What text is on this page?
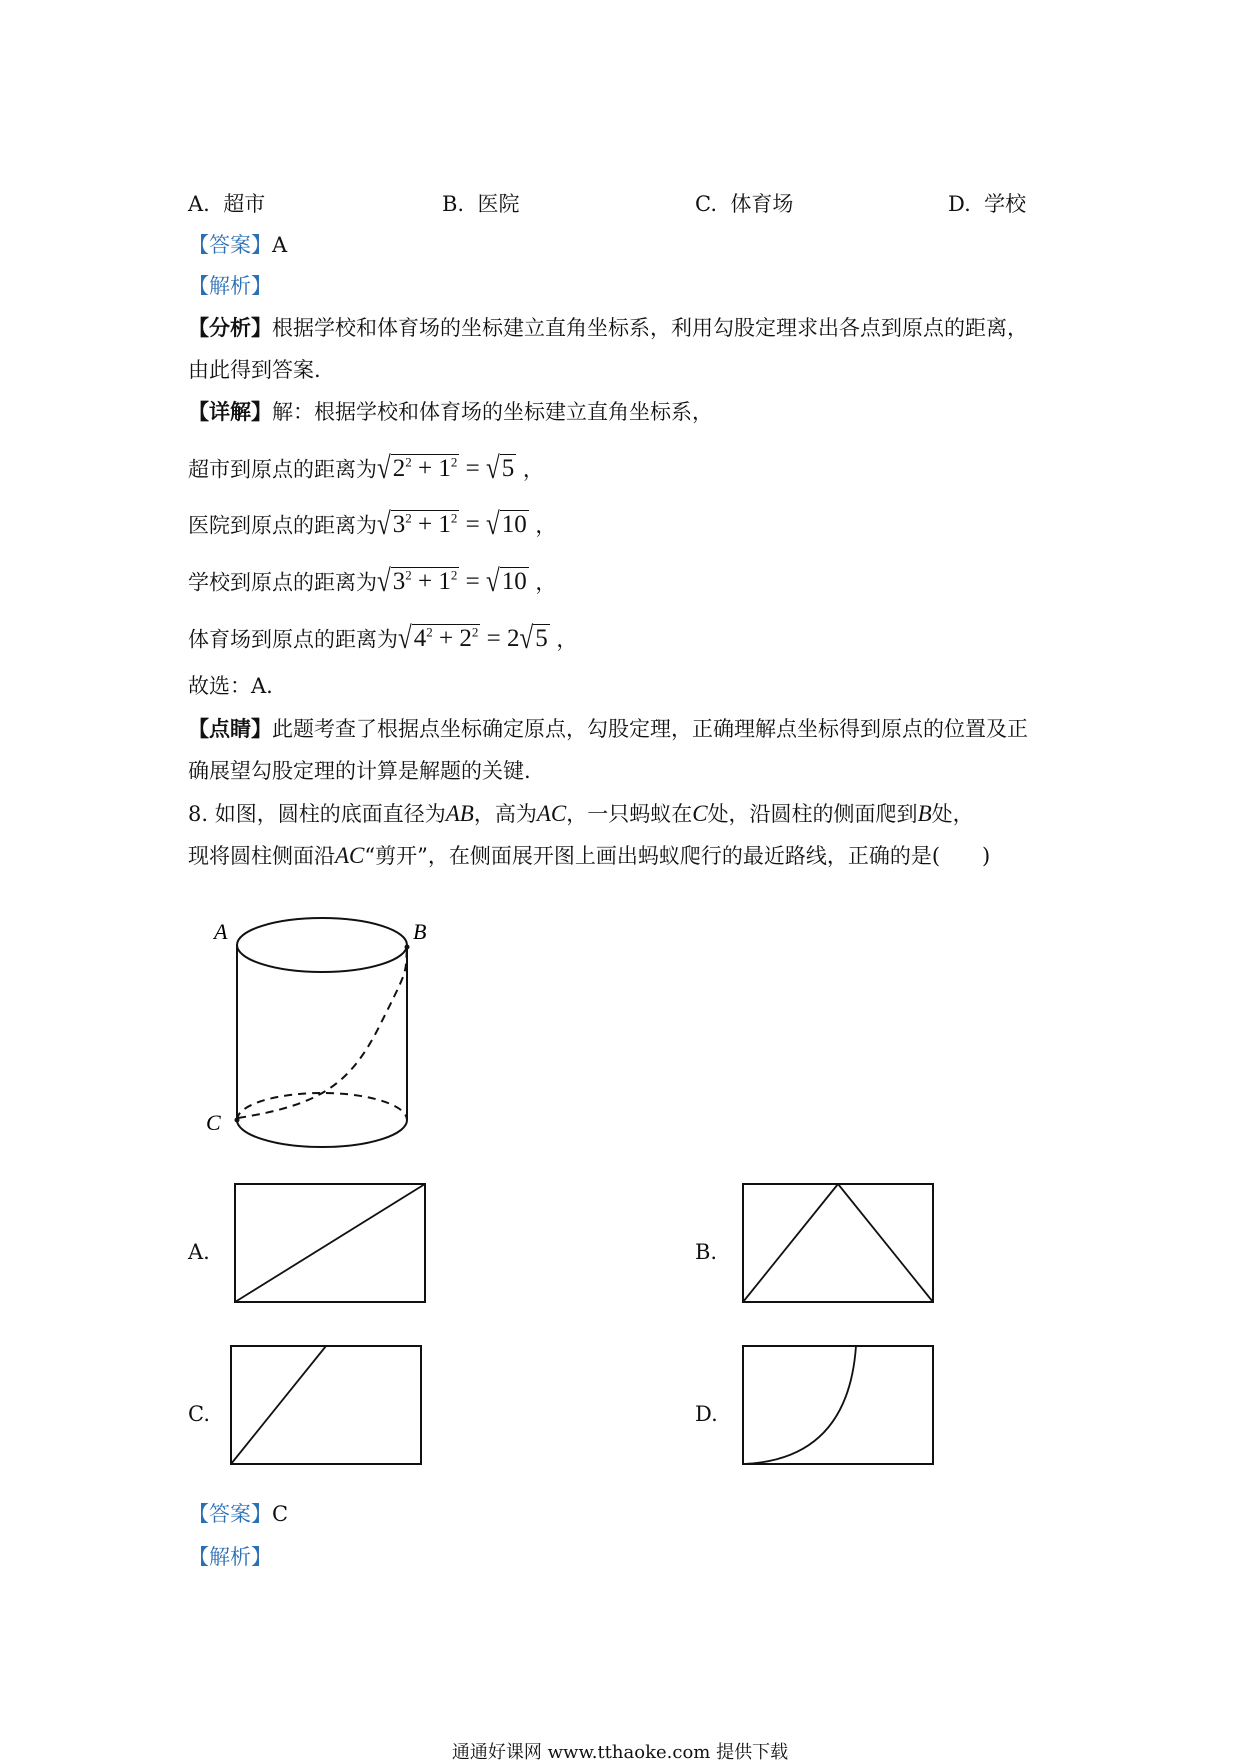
A. 超市	B. 医院	C. 体育场	D. 学校
【答案】A
【解析】
【分析】根据学校和体育场的坐标建立直角坐标系，利用勾股定理求出各点到原点的距离，
由此得到答案.
【详解】解：根据学校和体育场的坐标建立直角坐标系，
超市到原点的距离为$√2^2 + 1^2 = √5$ ，
医院到原点的距离为$√3^2 + 1^2 = √10$ ，
学校到原点的距离为$√3^2 + 1^2 = √10$ ，
体育场到原点的距离为$√4^2 + 2^2 = 2√5$ ，
故选：A.
【点睛】此题考查了根据点坐标确定原点，勾股定理，正确理解点坐标得到原点的位置及正
确展望勾股定理的计算是解题的关键.
8. 如图，圆柱的底面直径为AB，高为AC，一只蚂蚁在C处，沿圆柱的侧面爬到B处，
现将圆柱侧面沿AC“剪开”，在侧面展开图上画出蚂蚁爬行的最近路线，正确的是(　　)
A	B
C
A.	B.
C.	D.
【答案】C
【解析】
通通好课网 www.tthaoke.com 提供下载
